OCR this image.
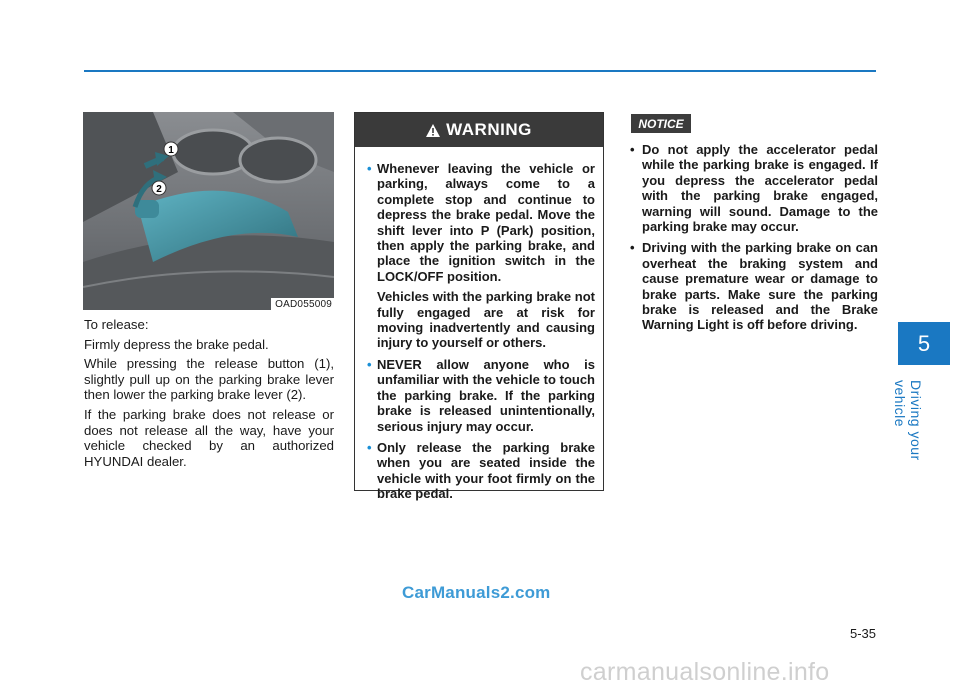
1
2
OAD055009

To release:

Firmly depress the brake pedal.

While pressing the release button (1), slightly pull up on the parking brake lever then lower the parking brake lever (2).

If the parking brake does not release or does not release all the way, have your vehicle checked by an authorized HYUNDAI dealer.

WARNING
• Whenever leaving the vehicle or parking, always come to a complete stop and continue to depress the brake pedal. Move the shift lever into P (Park) position, then apply the parking brake, and place the ignition switch in the LOCK/OFF position.

Vehicles with the parking brake not fully engaged are at risk for moving inadvertently and causing injury to yourself or others.

• NEVER allow anyone who is unfamiliar with the vehicle to touch the parking brake. If the parking brake is released unintentionally, serious injury may occur.

• Only release the parking brake when you are seated inside the vehicle with your foot firmly on the brake pedal.

NOTICE
• Do not apply the accelerator pedal while the parking brake is engaged. If you depress the accelerator pedal with the parking brake engaged, warning will sound. Damage to the parking brake may occur.
• Driving with the parking brake on can overheat the braking system and cause premature wear or damage to brake parts. Make sure the parking brake is released and the Brake Warning Light is off before driving.
5
Driving your vehicle
5-35
CarManuals2.com
carmanualsonline.info
